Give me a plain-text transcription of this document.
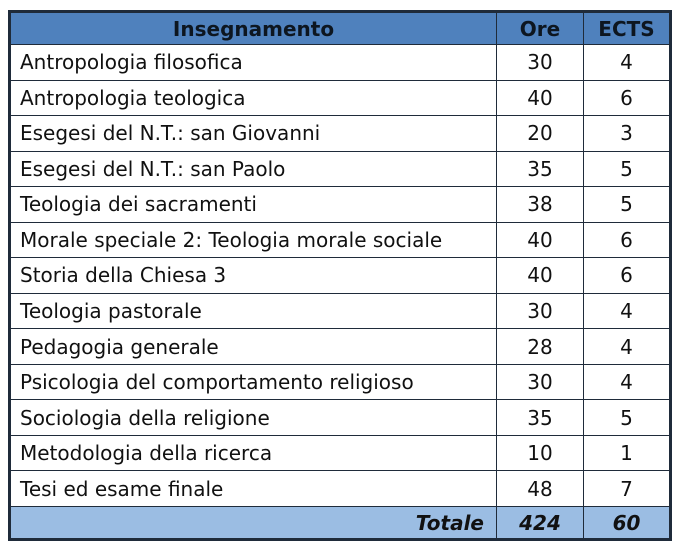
Insegnamento	Ore	ECTS
Antropologia filosofica	30	4
Antropologia teologica	40	6
Esegesi del N.T.: san Giovanni	20	3
Esegesi del N.T.: san Paolo	35	5
Teologia dei sacramenti	38	5
Morale speciale 2: Teologia morale sociale	40	6
Storia della Chiesa 3	40	6
Teologia pastorale	30	4
Pedagogia generale	28	4
Psicologia del comportamento religioso	30	4
Sociologia della religione	35	5
Metodologia della ricerca	10	1
Tesi ed esame finale	48	7
Totale	424	60
